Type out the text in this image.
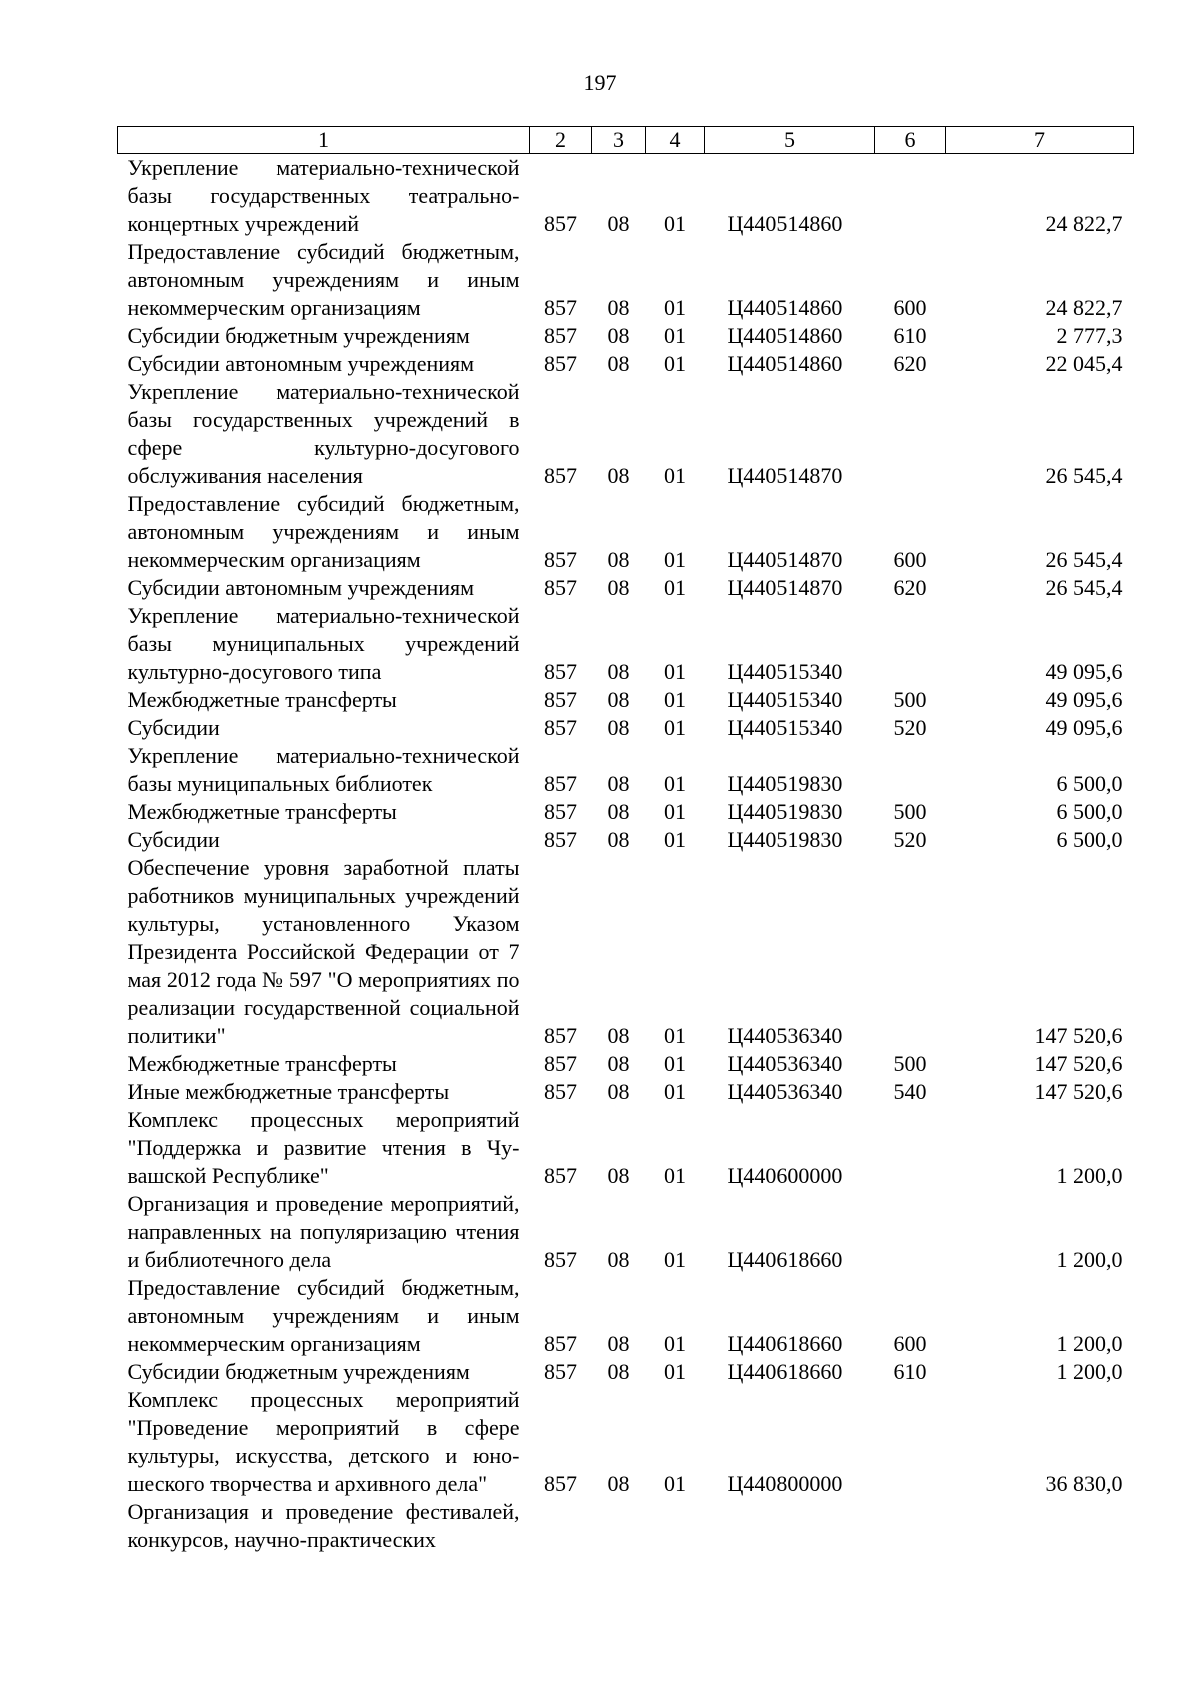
197
1	2	3	4	5	6	7
Укрепление материально-технической базы государственных театрально-концертных учреждений	857	08	01	Ц440514860		24 822,7
Предоставление субсидий бюджетным, автономным учреждениям и иным некоммерческим организациям	857	08	01	Ц440514860	600	24 822,7
Субсидии бюджетным учреждениям	857	08	01	Ц440514860	610	2 777,3
Субсидии автономным учреждениям	857	08	01	Ц440514860	620	22 045,4
Укрепление материально-технической базы государственных учреждений в сфере культурно-досугового обслуживания населения	857	08	01	Ц440514870		26 545,4
Предоставление субсидий бюджетным, автономным учреждениям и иным некоммерческим организациям	857	08	01	Ц440514870	600	26 545,4
Субсидии автономным учреждениям	857	08	01	Ц440514870	620	26 545,4
Укрепление материально-технической базы муниципальных учреждений культурно-досугового типа	857	08	01	Ц440515340		49 095,6
Межбюджетные трансферты	857	08	01	Ц440515340	500	49 095,6
Субсидии	857	08	01	Ц440515340	520	49 095,6
Укрепление материально-технической базы муниципальных библиотек	857	08	01	Ц440519830		6 500,0
Межбюджетные трансферты	857	08	01	Ц440519830	500	6 500,0
Субсидии	857	08	01	Ц440519830	520	6 500,0
Обеспечение уровня заработной платы работников муниципальных учреждений культуры, установленного Указом Президента Российской Федерации от 7 мая 2012 года № 597 "О мероприятиях по реализации государственной социальной политики"	857	08	01	Ц440536340		147 520,6
Межбюджетные трансферты	857	08	01	Ц440536340	500	147 520,6
Иные межбюджетные трансферты	857	08	01	Ц440536340	540	147 520,6
Комплекс процессных мероприятий "Поддержка и развитие чтения в Чувашской Республике"	857	08	01	Ц440600000		1 200,0
Организация и проведение мероприятий, направленных на популяризацию чтения и библиотечного дела	857	08	01	Ц440618660		1 200,0
Предоставление субсидий бюджетным, автономным учреждениям и иным некоммерческим организациям	857	08	01	Ц440618660	600	1 200,0
Субсидии бюджетным учреждениям	857	08	01	Ц440618660	610	1 200,0
Комплекс процессных мероприятий "Проведение мероприятий в сфере культуры, искусства, детского и юношеского творчества и архивного дела"	857	08	01	Ц440800000		36 830,0
Организация и проведение фестивалей, конкурсов, научно-практических						
